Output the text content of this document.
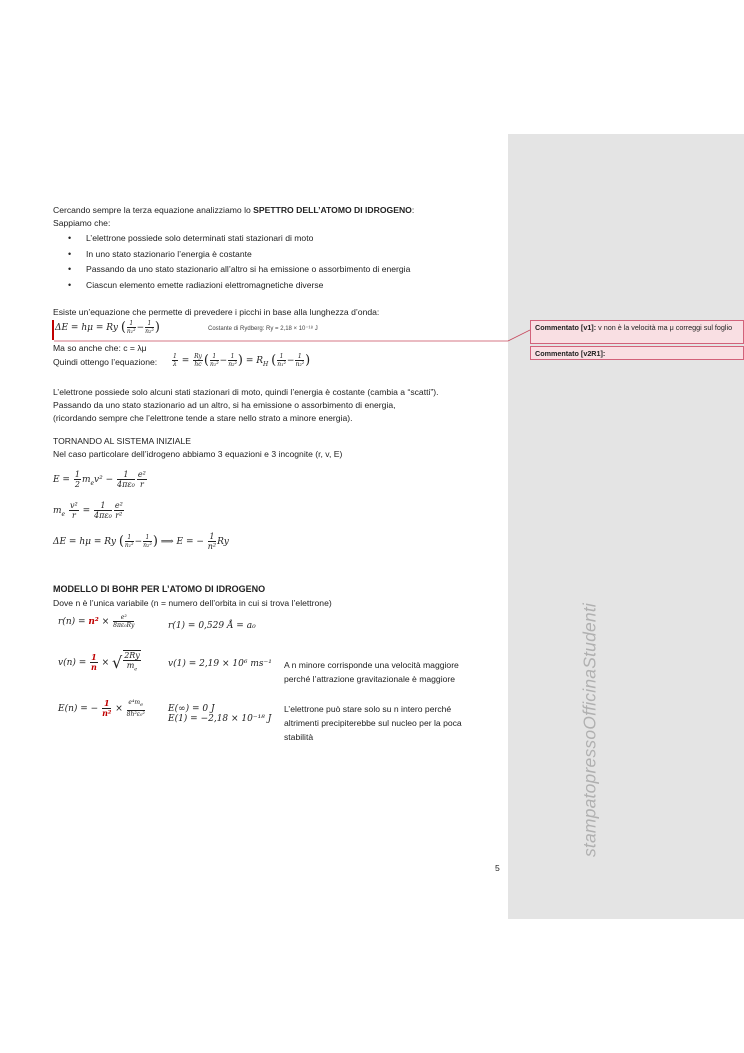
stampatopressoOfficinaStudenti
Cercando sempre la terza equazione analizziamo lo SPETTRO DELL’ATOMO DI IDROGENO:
Sappiamo che:
• L’elettrone possiede solo determinati stati stazionari di moto
• In uno stato stazionario l’energia è costante
• Passando da uno stato stazionario all’altro si ha emissione o assorbimento di energia
• Ciascun elemento emette radiazioni elettromagnetiche diverse
Esiste un’equazione che permette di prevedere i picchi in base alla lunghezza d’onda:
ΔE = hμ = Ry ( $\frac{1}{\text{n₁²}} - \frac{1}{\text{n₂²}}$ )	Costante di Rydberg: Ry = 2,18 × 10⁻¹⁸ J	Commentato [v1]: v non è la velocità ma μ correggi sul foglio
Commentato [v2R1]:
Ma so anche che: c = λμ
Quindi ottengo l’equazione: $\frac{1}{\lambda} = \frac{Ry}{hc}$ ( $\frac{1}{\text{n₁²}} - \frac{1}{\text{n₂²}}$ ) = $R_H$ ( $\frac{1}{\text{n₁²}} - \frac{1}{\text{n₂²}}$ )
L’elettrone possiede solo alcuni stati stazionari di moto, quindi l’energia è costante (cambia a “scatti”).
Passando da uno stato stazionario ad un altro, si ha emissione o assorbimento di energia,
(ricordando sempre che l’elettrone tende a stare nello strato a minore energia).
TORNANDO AL SISTEMA INIZIALE
Nel caso particolare dell’idrogeno abbiamo 3 equazioni e 3 incognite (r, v, E)
$E = \frac{1}{2} m_ev^2 - \frac{1}{\text{4πε₀}} \frac{\text{e²}}{r}$
$m_e \frac{\text{v²}}{r} = \frac{1}{\text{4πε₀}} \frac{\text{e²}}{\text{r²}}$
ΔE = hμ = Ry ( $\frac{1}{\text{n₁²}} - \frac{1}{\text{n₂²}}$ ) ⟹ E = − $\frac{1}{\text{n²}}$ Ry
MODELLO DI BOHR PER L’ATOMO DI IDROGENO
Dove n è l’unica variabile (n = numero dell’orbita in cui si trova l’elettrone)
$r(n) = n^2 \times \frac{\text{e²}}{\text{8πε₀Ry}}$	r(1) = 0,529 Å = a₀
$v(n) = \frac{1}{n}$ × √ $\frac{2Ry}{m_e}$	v(1) = 2,19 × 10⁶ ms⁻¹ A n minore corrisponde una velocità maggiore
perché l’attrazione gravitazionale è maggiore
E(n) = − $\frac{1}{\text{n²}} \times \frac{e^4m_e}{\text{8h²ε₀²}}$	E(∞) = 0 J
E(1) = −2,18 × 10⁻¹⁸ J
L’elettrone può stare solo su n intero perché
altrimenti precipiterebbe sul nucleo per la poca
stabilità
5
